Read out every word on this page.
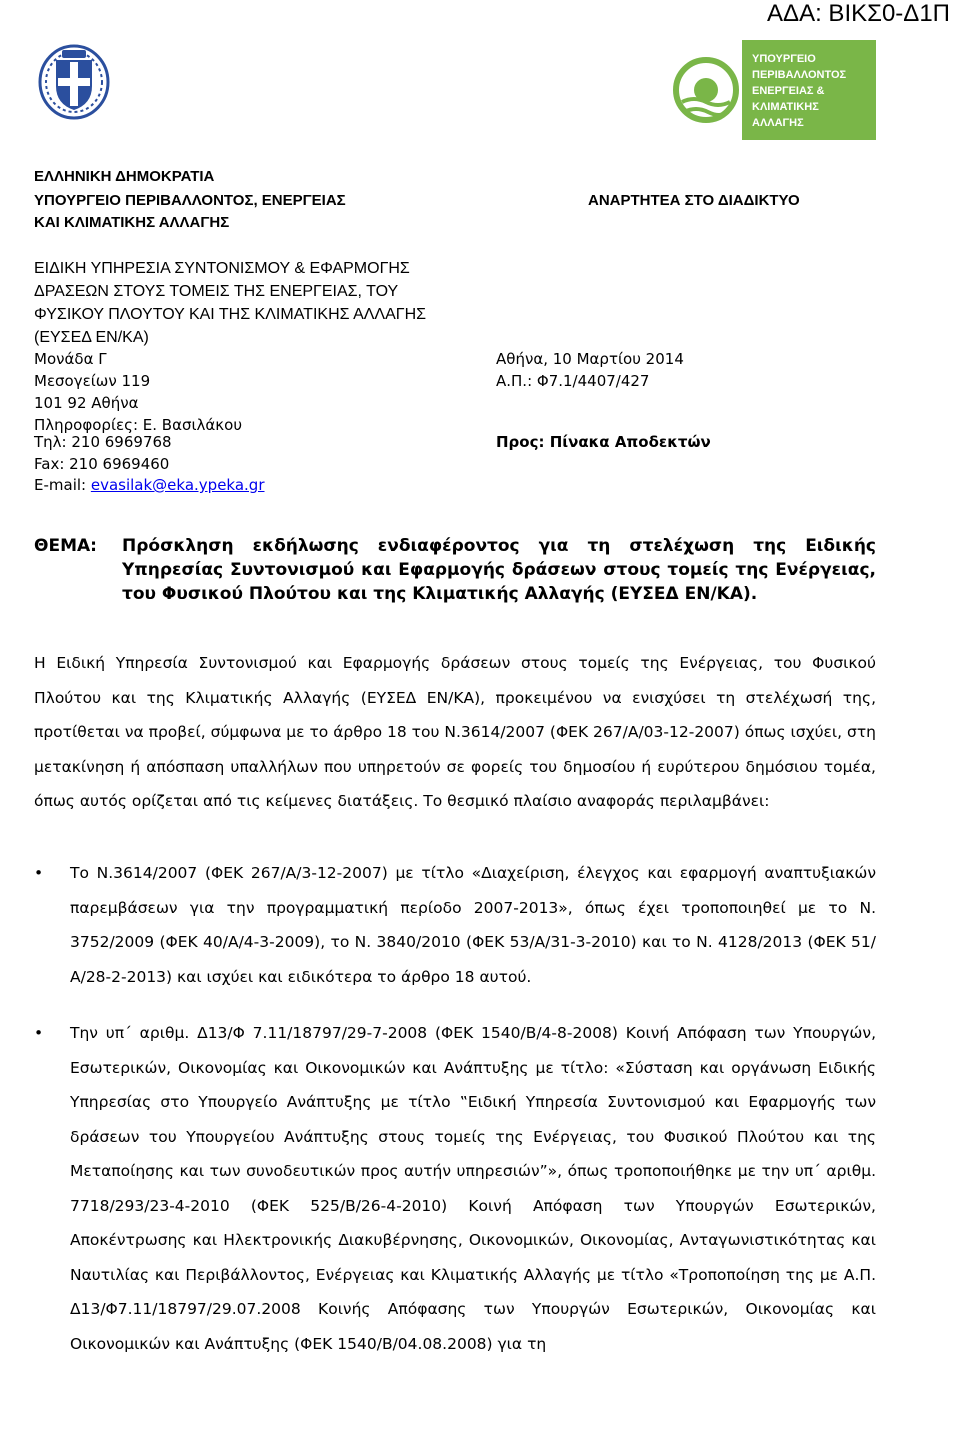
ΑΔΑ: ΒΙΚΣ0-Δ1Π
ΥΠΟΥΡΓΕΙΟ
ΠΕΡΙΒΑΛΛΟΝΤΟΣ
ΕΝΕΡΓΕΙΑΣ &
ΚΛΙΜΑΤΙΚΗΣ
ΑΛΛΑΓΗΣ
ΕΛΛΗΝΙΚΗ ΔΗΜΟΚΡΑΤΙΑ
ΥΠΟΥΡΓΕΙΟ ΠΕΡΙΒΑΛΛΟΝΤΟΣ, ΕΝΕΡΓΕΙΑΣ
ΚΑΙ ΚΛΙΜΑΤΙΚΗΣ ΑΛΛΑΓΗΣ
ΑΝΑΡΤΗΤΕΑ ΣΤΟ ΔΙΑΔΙΚΤΥΟ
ΕΙΔΙΚΗ ΥΠΗΡΕΣΙΑ ΣΥΝΤΟΝΙΣΜΟΥ & ΕΦΑΡΜΟΓΗΣ
ΔΡΑΣΕΩΝ ΣΤΟΥΣ ΤΟΜΕΙΣ ΤΗΣ ΕΝΕΡΓΕΙΑΣ, ΤΟΥ
ΦΥΣΙΚΟΥ ΠΛΟΥΤΟΥ ΚΑΙ ΤΗΣ ΚΛΙΜΑΤΙΚΗΣ ΑΛΛΑΓΗΣ
(ΕΥΣΕΔ ΕΝ/ΚΑ)
Μονάδα Γ
Μεσογείων 119
101 92 Αθήνα
Πληροφορίες: Ε. Βασιλάκου
Τηλ: 210 6969768
Fax: 210 6969460
E-mail: evasilak@eka.ypeka.gr
Αθήνα, 10 Μαρτίου 2014
Α.Π.: Φ7.1/4407/427
Προς: Πίνακα Αποδεκτών
ΘΕΜΑ: Πρόσκληση εκδήλωσης ενδιαφέροντος για τη στελέχωση της Ειδικής Υπηρεσίας Συντονισμού και Εφαρμογής δράσεων στους τομείς της Ενέργειας, του Φυσικού Πλούτου και της Κλιματικής Αλλαγής (ΕΥΣΕΔ ΕΝ/ΚΑ).
Η Ειδική Υπηρεσία Συντονισμού και Εφαρμογής δράσεων στους τομείς της Ενέργειας, του Φυσικού Πλούτου και της Κλιματικής Αλλαγής (ΕΥΣΕΔ ΕΝ/ΚΑ), προκειμένου να ενισχύσει τη στελέχωσή της, προτίθεται να προβεί, σύμφωνα με το άρθρο 18 του Ν.3614/2007 (ΦΕΚ 267/Α/03-12-2007) όπως ισχύει, στη μετακίνηση ή απόσπαση υπαλλήλων που υπηρετούν σε φορείς του δημοσίου ή ευρύτερου δημόσιου τομέα, όπως αυτός ορίζεται από τις κείμενες διατάξεις. Το θεσμικό πλαίσιο αναφοράς περιλαμβάνει:
• Το Ν.3614/2007 (ΦΕΚ 267/Α/3-12-2007) με τίτλο «Διαχείριση, έλεγχος και εφαρμογή αναπτυξιακών παρεμβάσεων για την προγραμματική περίοδο 2007-2013», όπως έχει τροποποιηθεί με το Ν. 3752/2009 (ΦΕΚ 40/Α/4-3-2009), το Ν. 3840/2010 (ΦΕΚ 53/Α/31-3-2010) και το Ν. 4128/2013 (ΦΕΚ 51/Α/28-2-2013) και ισχύει και ειδικότερα το άρθρο 18 αυτού.
• Την υπ΄ αριθμ. Δ13/Φ 7.11/18797/29-7-2008 (ΦΕΚ 1540/Β/4-8-2008) Κοινή Απόφαση των Υπουργών, Εσωτερικών, Οικονομίας και Οικονομικών και Ανάπτυξης με τίτλο: «Σύσταση και οργάνωση Ειδικής Υπηρεσίας στο Υπουργείο Ανάπτυξης με τίτλο ‟Ειδική Υπηρεσία Συντονισμού και Εφαρμογής των δράσεων του Υπουργείου Ανάπτυξης στους τομείς της Ενέργειας, του Φυσικού Πλούτου και της Μεταποίησης και των συνοδευτικών προς αυτήν υπηρεσιών”», όπως τροποποιήθηκε με την υπ΄ αριθμ. 7718/293/23-4-2010 (ΦΕΚ 525/Β/26-4-2010) Κοινή Απόφαση των Υπουργών Εσωτερικών, Αποκέντρωσης και Ηλεκτρονικής Διακυβέρνησης, Οικονομικών, Οικονομίας, Ανταγωνιστικότητας και Ναυτιλίας και Περιβάλλοντος, Ενέργειας και Κλιματικής Αλλαγής με τίτλο «Τροποποίηση της με Α.Π. Δ13/Φ7.11/18797/29.07.2008 Κοινής Απόφασης των Υπουργών Εσωτερικών, Οικονομίας και Οικονομικών και Ανάπτυξης (ΦΕΚ 1540/Β/04.08.2008) για τη
